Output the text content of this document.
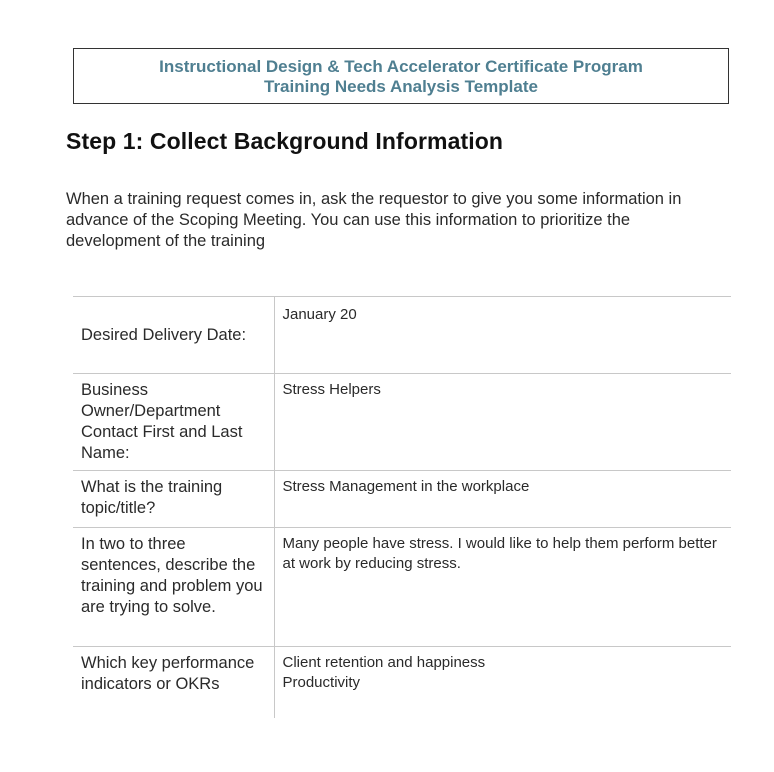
Instructional Design & Tech Accelerator Certificate Program
Training Needs Analysis Template
Step 1: Collect Background Information

When a training request comes in, ask the requestor to give you some information in advance of the Scoping Meeting. You can use this information to prioritize the development of the training

Desired Delivery Date:	January 20

Business Owner/Department Contact First and Last Name:	Stress Helpers

What is the training topic/title?	Stress Management in the workplace

In two to three sentences, describe the training and problem you are trying to solve.	Many people have stress. I would like to help them perform better at work by reducing stress.

Which key performance indicators or OKRs	Client retention and happiness
Productivity
